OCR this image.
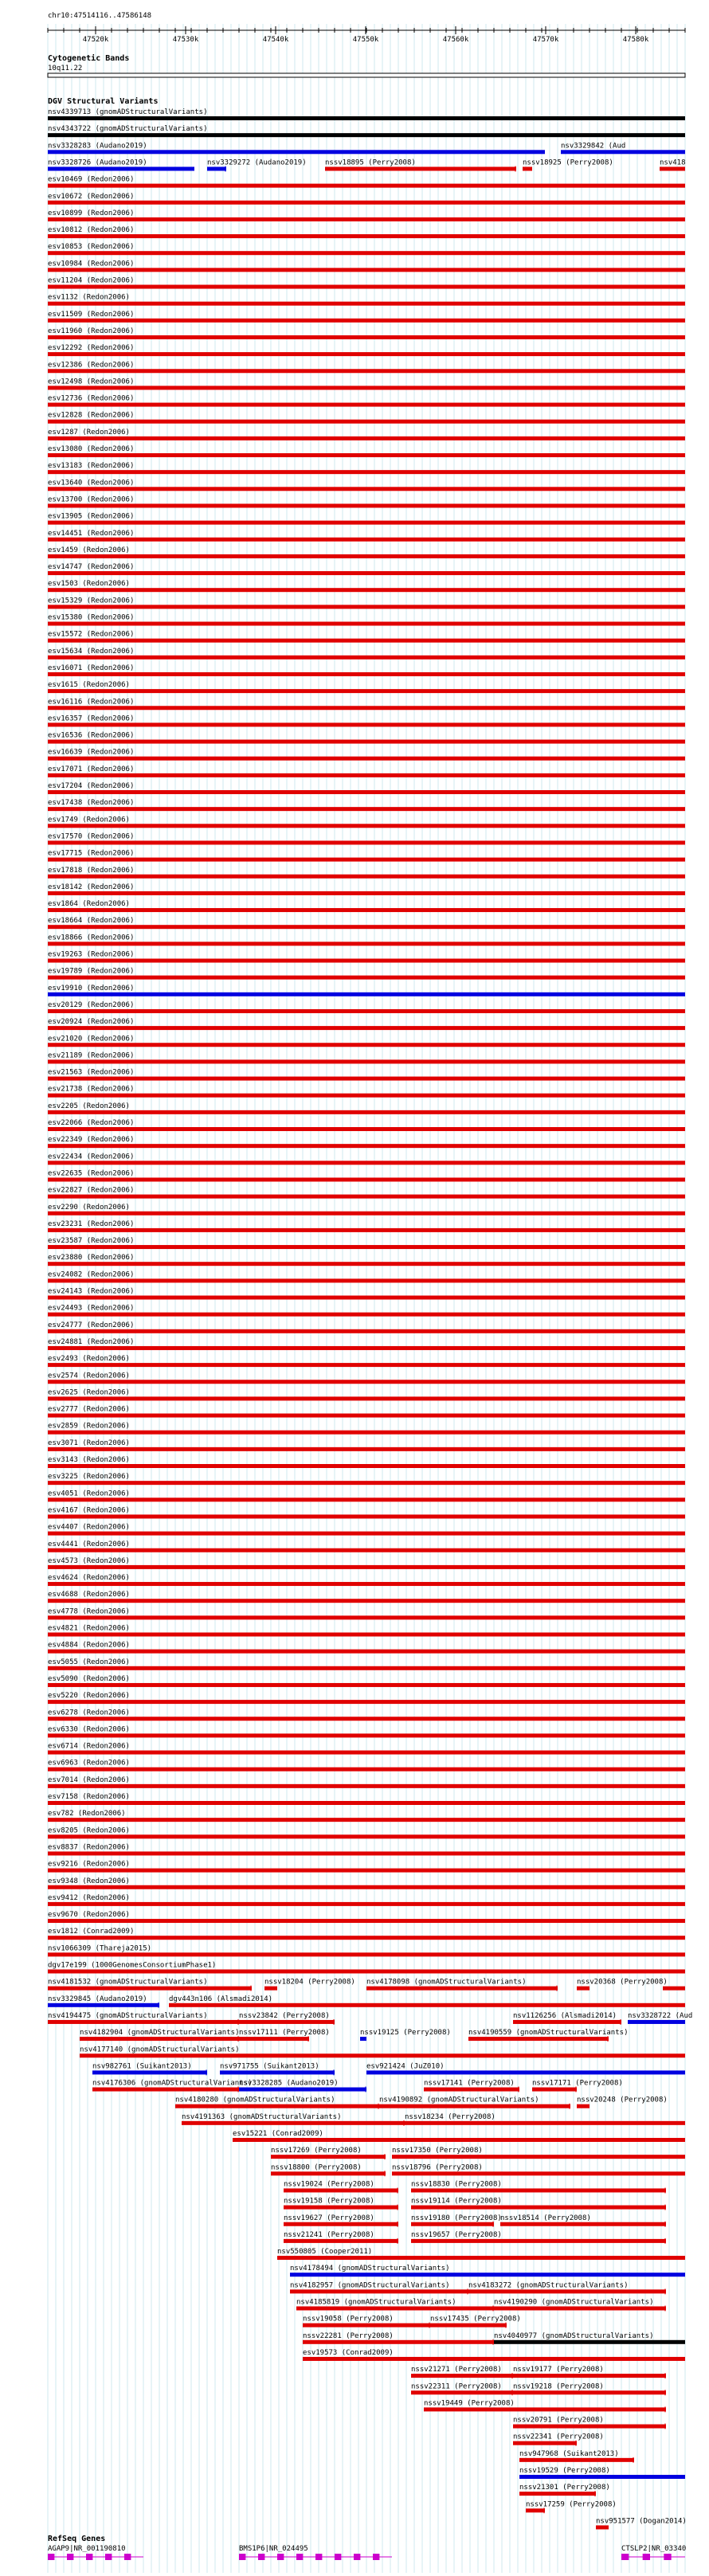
chr10:47514116..47586148
47520k	47530k	47540k	47550k	47560k	47570k	47580k
Cytogenetic Bands
10q11.22
DGV Structural Variants
nsv4339713 (gnomADStructuralVariants)
nsv4343722 (gnomADStructuralVariants)
nsv3328283 (Audano2019)	nsv3329842 (Aud
nsv3328726 (Audano2019)	nsv3329272 (Audano2019)	nssv18895 (Perry2008)	nssv18925 (Perry2008)	nsv418
esv10469 (Redon2006)
esv10672 (Redon2006)
esv10899 (Redon2006)
esv10812 (Redon2006)
esv10853 (Redon2006)
esv10984 (Redon2006)
esv11204 (Redon2006)
esv1132 (Redon2006)
esv11509 (Redon2006)
esv11960 (Redon2006)
esv12292 (Redon2006)
esv12386 (Redon2006)
esv12498 (Redon2006)
esv12736 (Redon2006)
esv12828 (Redon2006)
esv1287 (Redon2006)
esv13080 (Redon2006)
esv13183 (Redon2006)
esv13640 (Redon2006)
esv13700 (Redon2006)
esv13905 (Redon2006)
esv14451 (Redon2006)
esv1459 (Redon2006)
esv14747 (Redon2006)
esv1503 (Redon2006)
esv15329 (Redon2006)
esv15380 (Redon2006)
esv15572 (Redon2006)
esv15634 (Redon2006)
esv16071 (Redon2006)
esv1615 (Redon2006)
esv16116 (Redon2006)
esv16357 (Redon2006)
esv16536 (Redon2006)
esv16639 (Redon2006)
esv17071 (Redon2006)
esv17204 (Redon2006)
esv17438 (Redon2006)
esv1749 (Redon2006)
esv17570 (Redon2006)
esv17715 (Redon2006)
esv17818 (Redon2006)
esv18142 (Redon2006)
esv1864 (Redon2006)
esv18664 (Redon2006)
esv18866 (Redon2006)
esv19263 (Redon2006)
esv19789 (Redon2006)
esv19910 (Redon2006)
esv20129 (Redon2006)
esv20924 (Redon2006)
esv21020 (Redon2006)
esv21189 (Redon2006)
esv21563 (Redon2006)
esv21738 (Redon2006)
esv2205 (Redon2006)
esv22066 (Redon2006)
esv22349 (Redon2006)
esv22434 (Redon2006)
esv22635 (Redon2006)
esv22827 (Redon2006)
esv2290 (Redon2006)
esv23231 (Redon2006)
esv23587 (Redon2006)
esv23880 (Redon2006)
esv24082 (Redon2006)
esv24143 (Redon2006)
esv24493 (Redon2006)
esv24777 (Redon2006)
esv24881 (Redon2006)
esv2493 (Redon2006)
esv2574 (Redon2006)
esv2625 (Redon2006)
esv2777 (Redon2006)
esv2859 (Redon2006)
esv3071 (Redon2006)
esv3143 (Redon2006)
esv3225 (Redon2006)
esv4051 (Redon2006)
esv4167 (Redon2006)
esv4407 (Redon2006)
esv4441 (Redon2006)
esv4573 (Redon2006)
esv4624 (Redon2006)
esv4688 (Redon2006)
esv4778 (Redon2006)
esv4821 (Redon2006)
esv4884 (Redon2006)
esv5055 (Redon2006)
esv5090 (Redon2006)
esv5220 (Redon2006)
esv6278 (Redon2006)
esv6330 (Redon2006)
esv6714 (Redon2006)
esv6963 (Redon2006)
esv7014 (Redon2006)
esv7158 (Redon2006)
esv782 (Redon2006)
esv8205 (Redon2006)
esv8837 (Redon2006)
esv9216 (Redon2006)
esv9348 (Redon2006)
esv9412 (Redon2006)
esv9670 (Redon2006)
esv1812 (Conrad2009)
nsv1066309 (Thareja2015)
dgv17e199 (1000GenomesConsortiumPhase1)
nsv4181532 (gnomADStructuralVariants)	nssv18204 (Perry2008) nsv4178098 (gnomADStructuralVariants)	nssv20368 (Perry2008)
nsv3329845 (Audano2019)	dgv443n106 (Alsmadi2014)
nsv4194475 (gnomADStructuralVariants)	nssv23842 (Perry2008)	nsv1126256 (Alsmadi2014) nsv3328722 (Aud
nsv4182904 (gnomADStructuralVariants) nssv17111 (Perry2008)	nssv19125 (Perry2008) nsv4190559 (gnomADStructuralVariants)
nsv4177140 (gnomADStructuralVariants)
nsv982761 (Suikant2013)	nsv971755 (Suikant2013)	esv921424 (JuZ010)
nsv4176306 (gnomADStructuralVariants)
nsv3328285 (Audano2019)	nssv17141 (Perry2008) nssv17171 (Perry2008)
nsv4180280 (gnomADStructuralVariants)	nsv4190892 (gnomADStructuralVariants)	nssv20248 (Perry2008)
nsv4191363 (gnomADStructuralVariants)	nssv18234 (Perry2008)
esv15221 (Conrad2009)
nssv17269 (Perry2008)	nssv17350 (Perry2008)
nssv18800 (Perry2008)	nssv18796 (Perry2008)
nssv19024 (Perry2008)	nssv18830 (Perry2008)
nssv19158 (Perry2008)	nssv19114 (Perry2008)
nssv19627 (Perry2008)	nssv19180 (Perry2008)
nssv18514 (Perry2008)
nssv21241 (Perry2008)	nssv19657 (Perry2008)
nsv550805 (Cooper2011)
nsv4178494 (gnomADStructuralVariants)
nsv4182957 (gnomADStructuralVariants)	nsv4183272 (gnomADStructuralVariants)
nsv4185819 (gnomADStructuralVariants)	nsv4190290 (gnomADStructuralVariants)
nssv19058 (Perry2008)	nssv17435 (Perry2008)
nssv22281 (Perry2008)	nsv4040977 (gnomADStructuralVariants)
esv19573 (Conrad2009)
nssv21271 (Perry2008) nssv19177 (Perry2008)
nssv22311 (Perry2008) nssv19218 (Perry2008)
nssv19449 (Perry2008)
nssv20791 (Perry2008)
nssv22341 (Perry2008)
nsv947968 (Suikant2013)
nssv19529 (Perry2008)
nssv21301 (Perry2008)
nssv17259 (Perry2008)
nsv951577 (Dogan2014)
RefSeq Genes
AGAP9|NR_001190810	BMS1P6|NR_024495	CTSLP2|NR_03340
